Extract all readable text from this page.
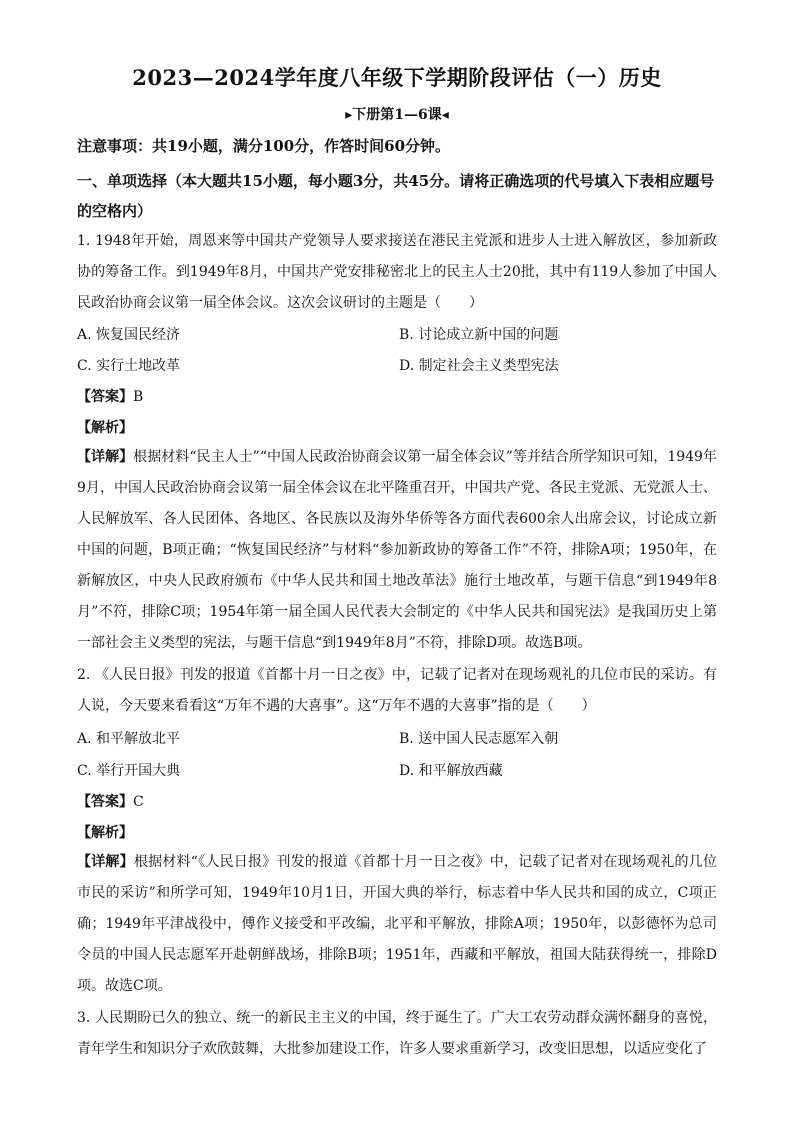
2023—2024学年度八年级下学期阶段评估（一）历史
▸下册第1—6课◂
注意事项：共19小题，满分100分，作答时间60分钟。
一、单项选择（本大题共15小题，每小题3分，共45分。请将正确选项的代号填入下表相应题号的空格内）
1. 1948年开始，周恩来等中国共产党领导人要求接送在港民主党派和进步人士进入解放区，参加新政协的筹备工作。到1949年8月，中国共产党安排秘密北上的民主人士20批，其中有119人参加了中国人民政治协商会议第一届全体会议。这次会议研讨的主题是（　　）
A. 恢复国民经济	B. 讨论成立新中国的问题
C. 实行土地改革	D. 制定社会主义类型宪法
【答案】B
【解析】
【详解】根据材料“民主人士”“中国人民政治协商会议第一届全体会议”等并结合所学知识可知，1949年9月，中国人民政治协商会议第一届全体会议在北平隆重召开，中国共产党、各民主党派、无党派人士、人民解放军、各人民团体、各地区、各民族以及海外华侨等各方面代表600余人出席会议，讨论成立新中国的问题，B项正确；“恢复国民经济”与材料“参加新政协的筹备工作”不符，排除A项；1950年，在新解放区，中央人民政府颁布《中华人民共和国土地改革法》施行土地改革，与题干信息“到1949年8月”不符，排除C项；1954年第一届全国人民代表大会制定的《中华人民共和国宪法》是我国历史上第一部社会主义类型的宪法，与题干信息“到1949年8月”不符，排除D项。故选B项。
2. 《人民日报》刊发的报道《首都十月一日之夜》中，记载了记者对在现场观礼的几位市民的采访。有人说，今天要来看看这“万年不遇的大喜事”。这“万年不遇的大喜事”指的是（　　）
A. 和平解放北平	B. 送中国人民志愿军入朝
C. 举行开国大典	D. 和平解放西藏
【答案】C
【解析】
【详解】根据材料“《人民日报》刊发的报道《首都十月一日之夜》中，记载了记者对在现场观礼的几位市民的采访”和所学可知，1949年10月1日，开国大典的举行，标志着中华人民共和国的成立，C项正确；1949年平津战役中，傅作义接受和平改编，北平和平解放，排除A项；1950年，以彭德怀为总司令员的中国人民志愿军开赴朝鲜战场，排除B项；1951年，西藏和平解放，祖国大陆获得统一，排除D项。故选C项。
3. 人民期盼已久的独立、统一的新民主主义的中国，终于诞生了。广大工农劳动群众满怀翻身的喜悦，青年学生和知识分子欢欣鼓舞，大批参加建设工作，许多人要求重新学习，改变旧思想，以适应变化了
